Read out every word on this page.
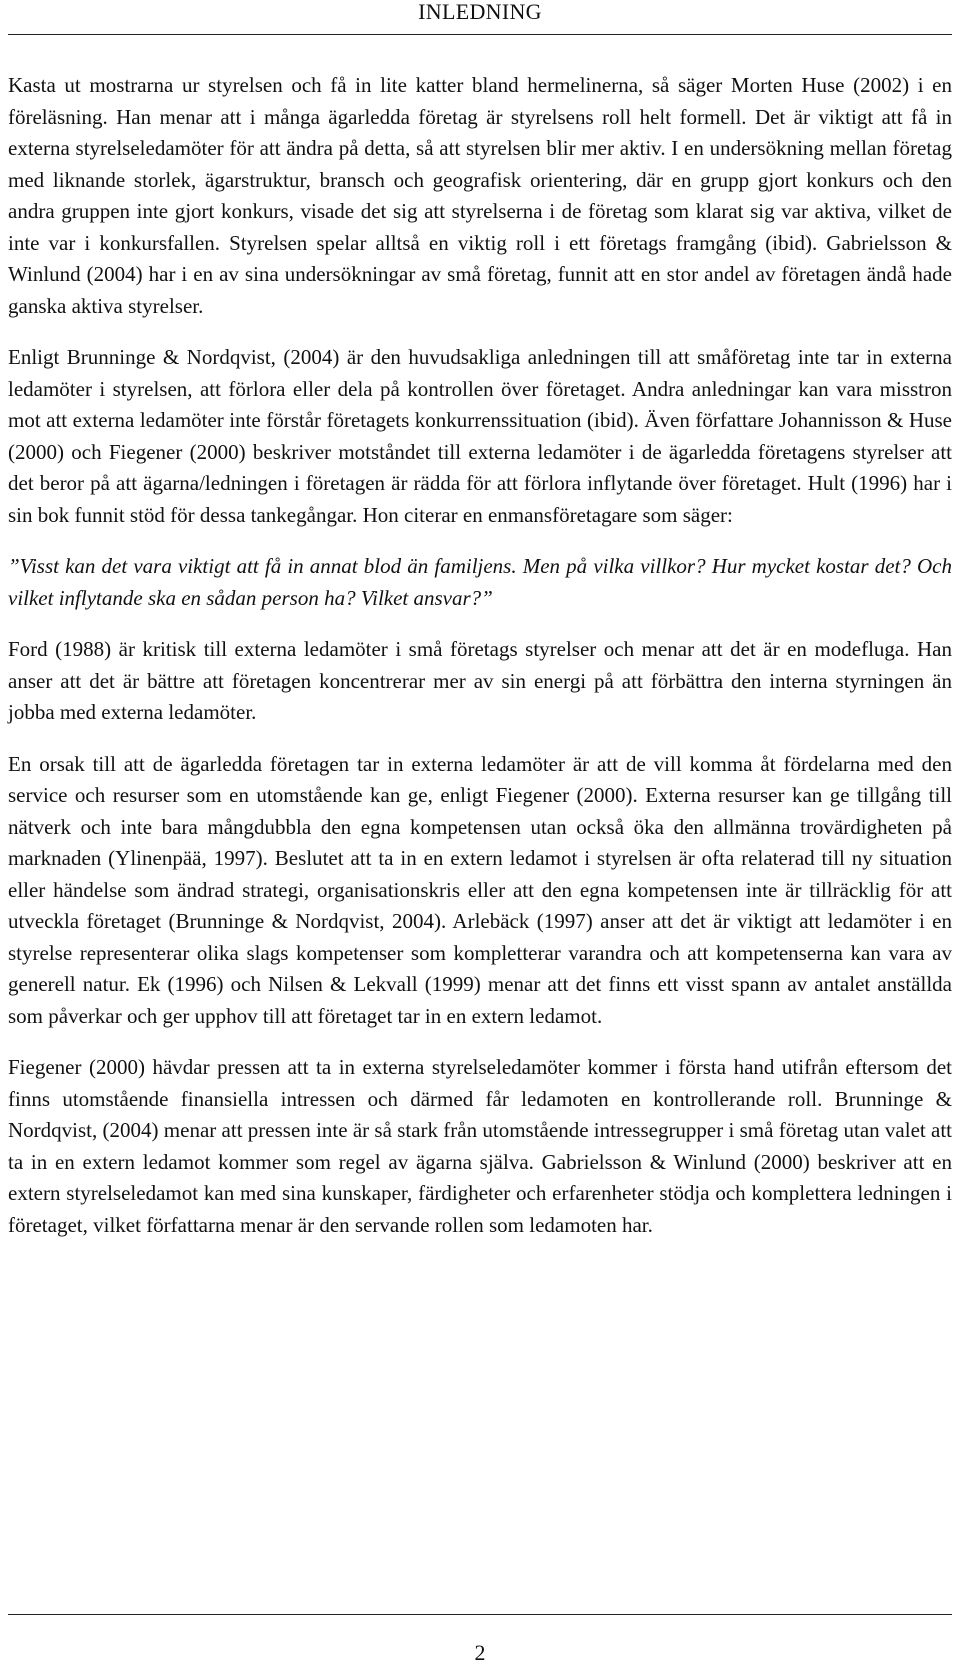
INLEDNING

Kasta ut mostrarna ur styrelsen och få in lite katter bland hermelinerna, så säger Morten Huse (2002) i en föreläsning. Han menar att i många ägarledda företag är styrelsens roll helt formell. Det är viktigt att få in externa styrelseledamöter för att ändra på detta, så att styrelsen blir mer aktiv. I en undersökning mellan företag med liknande storlek, ägarstruktur, bransch och geografisk orientering, där en grupp gjort konkurs och den andra gruppen inte gjort konkurs, visade det sig att styrelserna i de företag som klarat sig var aktiva, vilket de inte var i konkursfallen. Styrelsen spelar alltså en viktig roll i ett företags framgång (ibid). Gabrielsson & Winlund (2004) har i en av sina undersökningar av små företag, funnit att en stor andel av företagen ändå hade ganska aktiva styrelser.

Enligt Brunninge & Nordqvist, (2004) är den huvudsakliga anledningen till att småföretag inte tar in externa ledamöter i styrelsen, att förlora eller dela på kontrollen över företaget. Andra anledningar kan vara misstron mot att externa ledamöter inte förstår företagets konkurrenssituation (ibid). Även författare Johannisson & Huse (2000) och Fiegener (2000) beskriver motståndet till externa ledamöter i de ägarledda företagens styrelser att det beror på att ägarna/ledningen i företagen är rädda för att förlora inflytande över företaget. Hult (1996) har i sin bok funnit stöd för dessa tankegångar. Hon citerar en enmansföretagare som säger:

”Visst kan det vara viktigt att få in annat blod än familjens. Men på vilka villkor? Hur mycket kostar det? Och vilket inflytande ska en sådan person ha? Vilket ansvar?”

Ford (1988) är kritisk till externa ledamöter i små företags styrelser och menar att det är en modefluga. Han anser att det är bättre att företagen koncentrerar mer av sin energi på att förbättra den interna styrningen än jobba med externa ledamöter.

En orsak till att de ägarledda företagen tar in externa ledamöter är att de vill komma åt fördelarna med den service och resurser som en utomstående kan ge, enligt Fiegener (2000). Externa resurser kan ge tillgång till nätverk och inte bara mångdubbla den egna kompetensen utan också öka den allmänna trovärdigheten på marknaden (Ylinenpää, 1997). Beslutet att ta in en extern ledamot i styrelsen är ofta relaterad till ny situation eller händelse som ändrad strategi, organisationskris eller att den egna kompetensen inte är tillräcklig för att utveckla företaget (Brunninge & Nordqvist, 2004). Arlebäck (1997) anser att det är viktigt att ledamöter i en styrelse representerar olika slags kompetenser som kompletterar varandra och att kompetenserna kan vara av generell natur. Ek (1996) och Nilsen & Lekvall (1999) menar att det finns ett visst spann av antalet anställda som påverkar och ger upphov till att företaget tar in en extern ledamot.

Fiegener (2000) hävdar pressen att ta in externa styrelseledamöter kommer i första hand utifrån eftersom det finns utomstående finansiella intressen och därmed får ledamoten en kontrollerande roll. Brunninge & Nordqvist, (2004) menar att pressen inte är så stark från utomstående intressegrupper i små företag utan valet att ta in en extern ledamot kommer som regel av ägarna själva. Gabrielsson & Winlund (2000) beskriver att en extern styrelseledamot kan med sina kunskaper, färdigheter och erfarenheter stödja och komplettera ledningen i företaget, vilket författarna menar är den servande rollen som ledamoten har.

2
